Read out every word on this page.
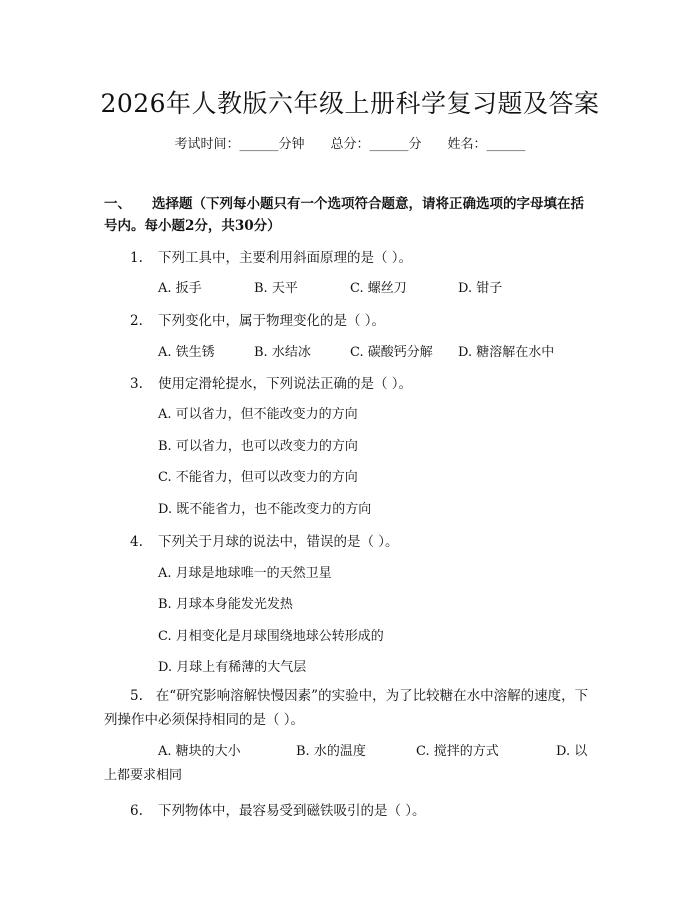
2026年人教版六年级上册科学复习题及答案
考试时间：______分钟 总分：______分 姓名：______
一、 选择题（下列每小题只有一个选项符合题意，请将正确选项的字母填在括号内。每小题2分，共30分）
1. 下列工具中，主要利用斜面原理的是（ ）。
A. 扳手	B. 天平	C. 螺丝刀	D. 钳子
2. 下列变化中，属于物理变化的是（ ）。
A. 铁生锈	B. 水结冰	C. 碳酸钙分解 D. 糖溶解在水中
3. 使用定滑轮提水，下列说法正确的是（ ）。
A. 可以省力，但不能改变力的方向
B. 可以省力，也可以改变力的方向
C. 不能省力，但可以改变力的方向
D. 既不能省力，也不能改变力的方向
4. 下列关于月球的说法中，错误的是（ ）。
A. 月球是地球唯一的天然卫星
B. 月球本身能发光发热
C. 月相变化是月球围绕地球公转形成的
D. 月球上有稀薄的大气层
5. 在“研究影响溶解快慢因素”的实验中，为了比较糖在水中溶解的速度，下列操作中必须保持相同的是（ ）。
A. 糖块的大小	B. 水的温度	C. 搅拌的方式	D. 以上都要求相同
6. 下列物体中，最容易受到磁铁吸引的是（ ）。
